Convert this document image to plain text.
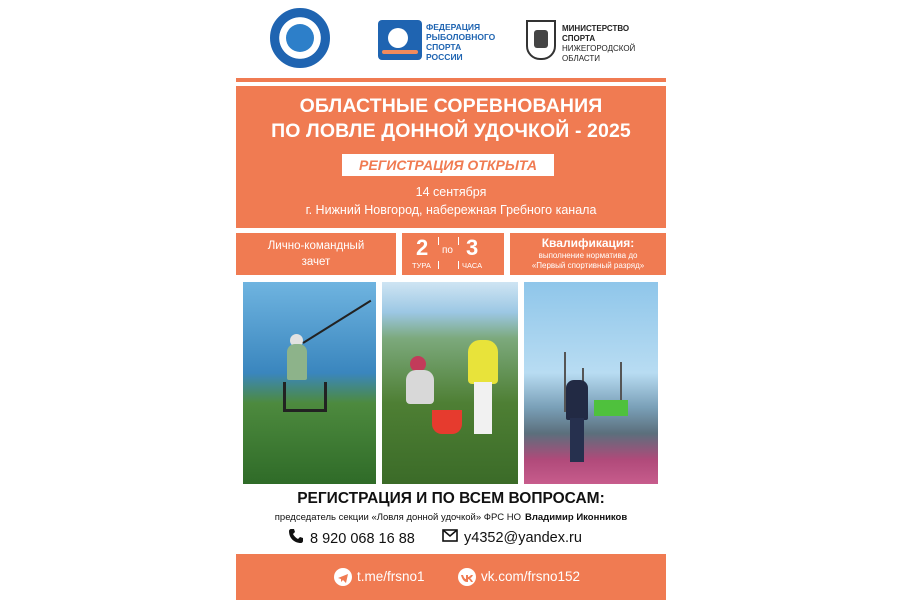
ФЕДЕРАЦИЯ
РЫБОЛОВНОГО
СПОРТА
РОССИИ
МИНИСТЕРСТВО
СПОРТА
НИЖЕГОРОДСКОЙ
ОБЛАСТИ
ОБЛАСТНЫЕ СОРЕВНОВАНИЯ
ПО ЛОВЛЕ ДОННОЙ УДОЧКОЙ - 2025
РЕГИСТРАЦИЯ ОТКРЫТА
14 сентября
г. Нижний Новгород, набережная Гребного канала
Лично-командный
зачет
2
ТУРА
по 3
ЧАСА
Квалификация:
выполнение норматива до
«Первый спортивный разряд»
РЕГИСТРАЦИЯ И ПО ВСЕМ ВОПРОСАМ:
председатель секции «Ловля донной удочкой» ФРС НО Владимир Иконников
8 920 068 16 88	y4352@yandex.ru
t.me/frsno1	vk.com/frsno152
